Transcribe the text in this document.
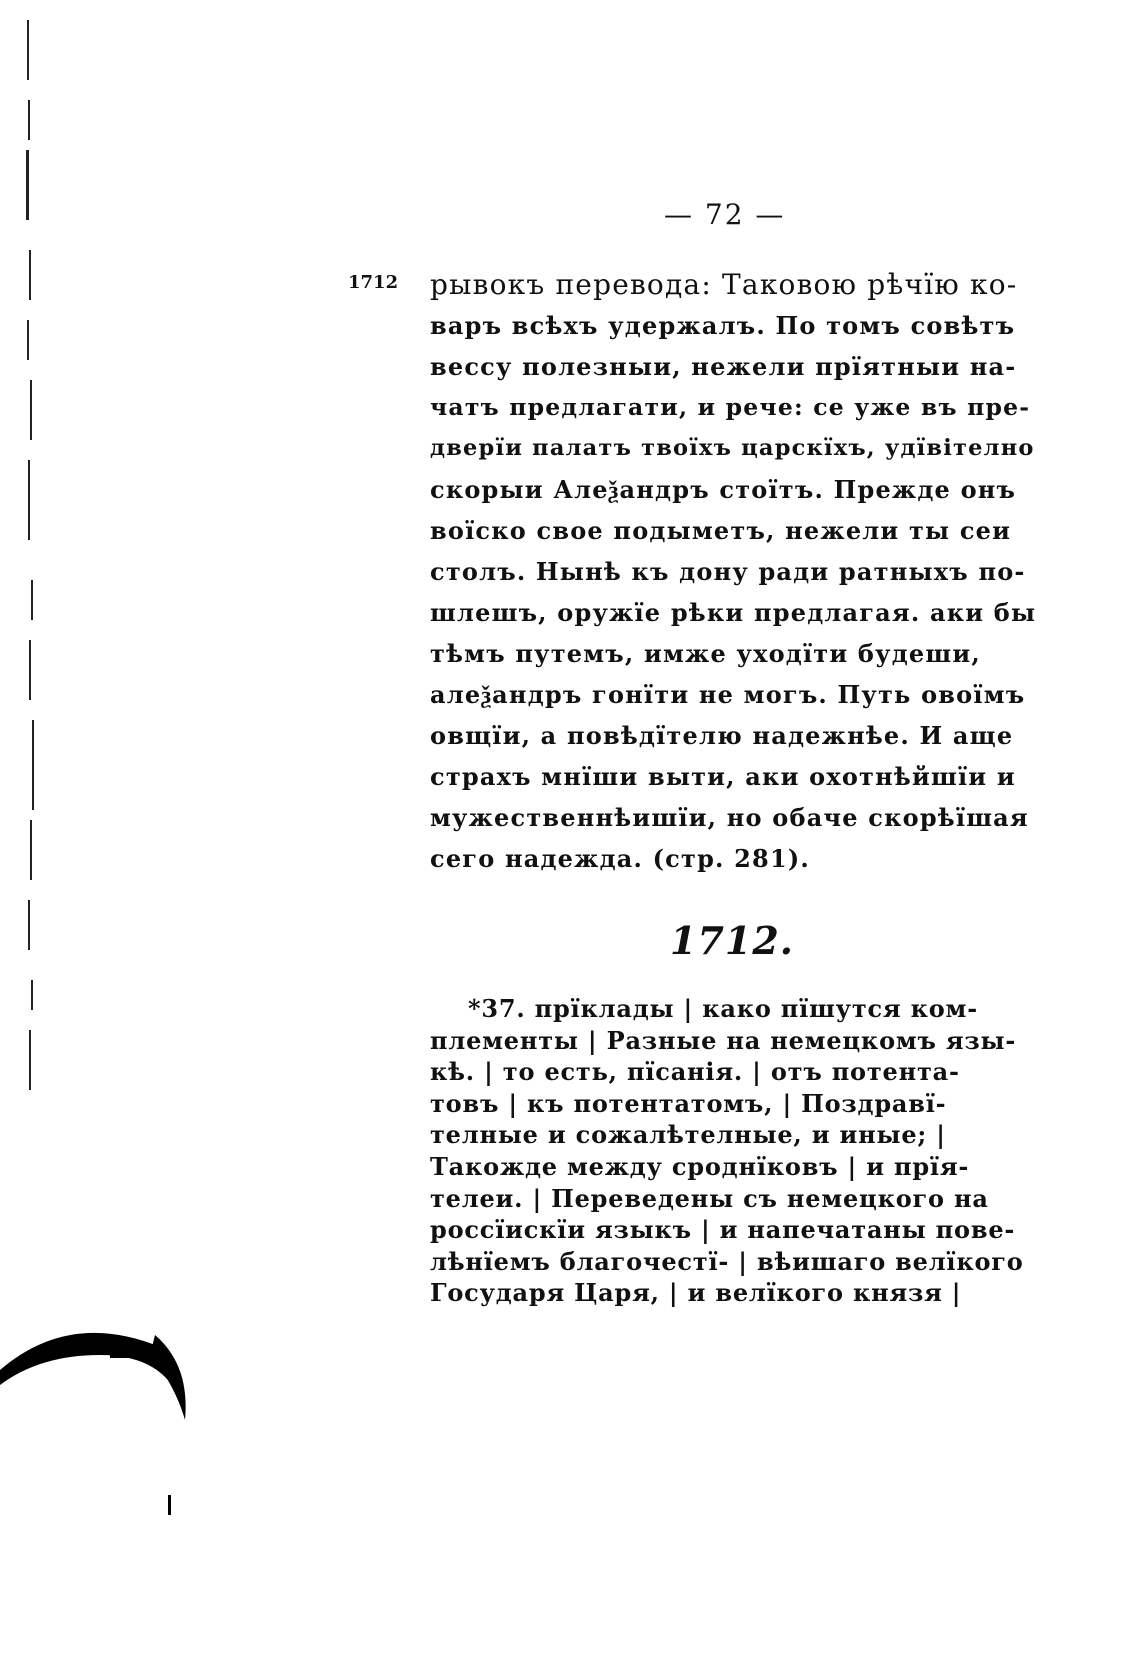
— 72 —
1712 рывокъ перевода: Таковою рѣчїю ко-
варъ всѣхъ удержалъ. По томъ совѣтъ
вессу полезныи, нежели прїятныи на-
чатъ предлагати, и рече: се уже въ пре-
дверїи палатъ твоїхъ царскїхъ, удївітелно
скорыи Алеѯандръ стоїтъ. Прежде онъ
воїско свое подыметъ, нежели ты сеи
столъ. Нынѣ къ дону ради ратныхъ по-
шлешъ, оружїе рѣки предлагая. аки бы
тѣмъ путемъ, имже уходїти будеши,
алеѯандръ гонїти не могъ. Путь овоїмъ
овщїи, а повѣдїтелю надежнѣе. И аще
страхъ мнїши выти, аки охотнѣйшїи и
мужественнѣишїи, но обаче скорѣїшая
сего надежда. (стр. 281).
1712.
*37. прїклады | како пїшутся ком-
плементы | Разные на немецкомъ язы-
кѣ. | то есть, пїсанія. | отъ потента-
товъ | къ потентатомъ, | Поздравї-
телные и сожалѣтелные, и иные; |
Такожде между сроднїковъ | и прїя-
телеи. | Переведены съ немецкого на
россїискїи языкъ | и напечатаны пове-
лѣнїемъ благочестї- | вѣишаго велїкого
Государя Царя, | и велїкого князя |
